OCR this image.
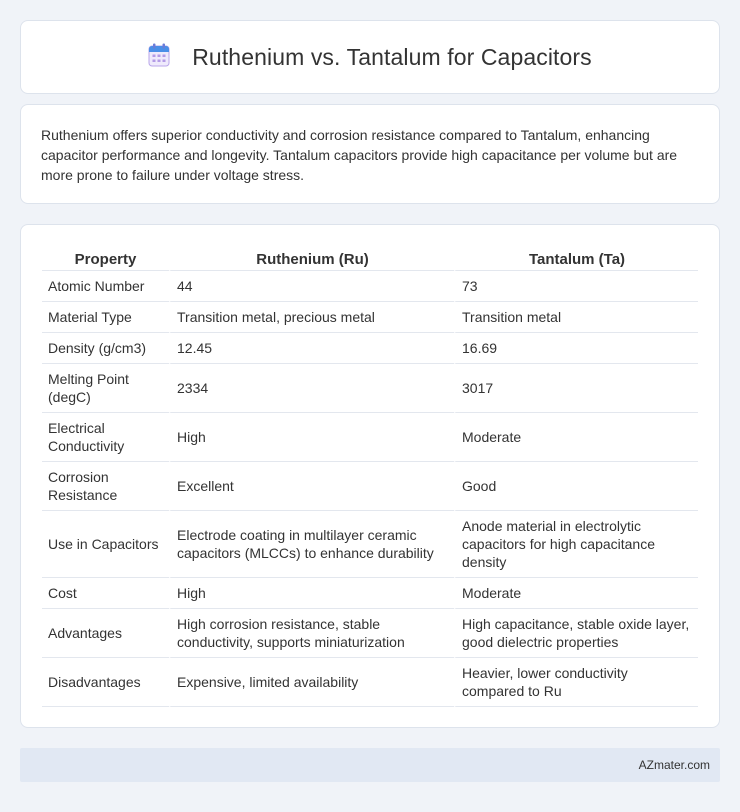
Ruthenium vs. Tantalum for Capacitors

Ruthenium offers superior conductivity and corrosion resistance compared to Tantalum, enhancing capacitor performance and longevity. Tantalum capacitors provide high capacitance per volume but are more prone to failure under voltage stress.

Property	Ruthenium (Ru)	Tantalum (Ta)
Atomic Number	44	73
Material Type	Transition metal, precious metal	Transition metal
Density (g/cm3)	12.45	16.69
Melting Point (degC)	2334	3017
Electrical Conductivity	High	Moderate
Corrosion Resistance	Excellent	Good
Use in Capacitors	Electrode coating in multilayer ceramic capacitors (MLCCs) to enhance durability	Anode material in electrolytic capacitors for high capacitance density
Cost	High	Moderate
Advantages	High corrosion resistance, stable conductivity, supports miniaturization	High capacitance, stable oxide layer, good dielectric properties
Disadvantages	Expensive, limited availability	Heavier, lower conductivity compared to Ru
AZmater.com
